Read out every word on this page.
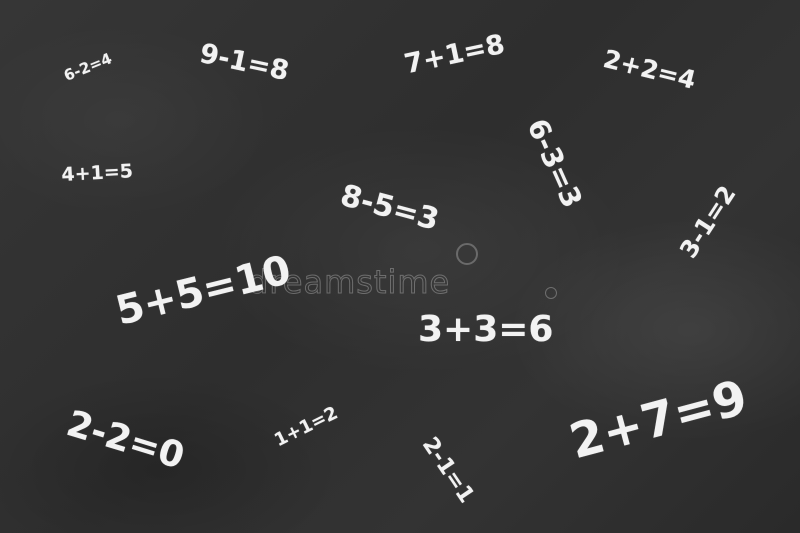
dreamstime

6-2=4	9-1=8	7+1=8	2+2=4

6-3=3

4+1=5

8-5=3	3-1=2

5+5=10	3+3=6

1+1=2

2-2=0	2-1=1

2+7=9
